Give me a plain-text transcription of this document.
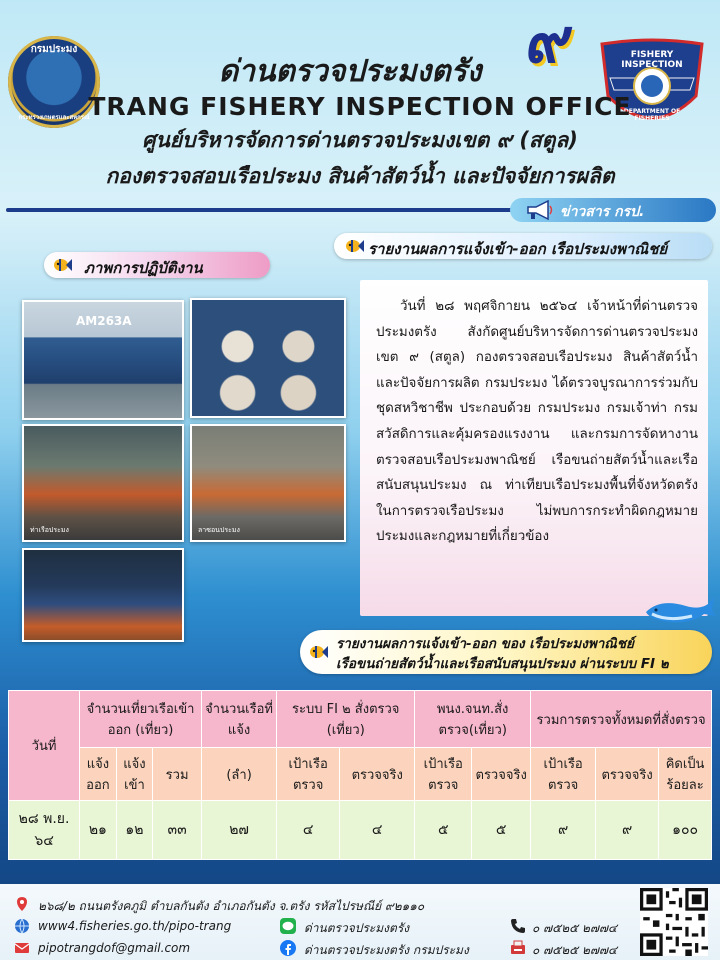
กรมประมง
กระทรวงเกษตรและสหกรณ์
๙	FISHERY INSPECTION
DEPARTMENT OF FISHERIES
ด่านตรวจประมงตรัง
TRANG FISHERY INSPECTION OFFICE
ศูนย์บริหารจัดการด่านตรวจประมงเขต ๙ (สตูล)
กองตรวจสอบเรือประมง สินค้าสัตว์น้ำ และปัจจัยการผลิต
ข่าวสาร กรป.
รายงานผลการแจ้งเข้า-ออก เรือประมงพาณิชย์
ภาพการปฏิบัติงาน
AM263A
ท่าเรือประมง	ลาซอนประมง
วันที่ ๒๘ พฤศจิกายน ๒๕๖๔ เจ้าหน้าที่ด่านตรวจประมงตรัง สังกัดศูนย์บริหารจัดการด่านตรวจประมง เขต ๙ (สตูล) กองตรวจสอบเรือประมง สินค้าสัตว์น้ำ และปัจจัยการผลิต กรมประมง ได้ตรวจบูรณาการร่วมกับชุดสหวิชาชีพ ประกอบด้วย กรมประมง กรมเจ้าท่า กรมสวัสดิการและคุ้มครองแรงงาน และกรมการจัดหางาน ตรวจสอบเรือประมงพาณิชย์ เรือขนถ่ายสัตว์น้ำและเรือสนับสนุนประมง ณ ท่าเทียบเรือประมงพื้นที่จังหวัดตรัง ในการตรวจเรือประมง ไม่พบการกระทำผิดกฎหมายประมงและกฎหมายที่เกี่ยวข้อง
รายงานผลการแจ้งเข้า-ออก ของ เรือประมงพาณิชย์
เรือขนถ่ายสัตว์น้ำและเรือสนับสนุนประมง ผ่านระบบ FI ๒
วันที่	จำนวนเที่ยวเรือเข้าออก (เที่ยว)			จำนวนเรือที่แจ้ง	ระบบ FI ๒ สั่งตรวจ (เที่ยว)		พนง.จนท.สั่งตรวจ(เที่ยว)		รวมการตรวจทั้งหมดที่สั่งตรวจ		
	แจ้งออก	แจ้งเข้า	รวม	(ลำ)	เป้าเรือตรวจ	ตรวจจริง	เป้าเรือตรวจ	ตรวจจริง	เป้าเรือตรวจ	ตรวจจริง	คิดเป็นร้อยละ
๒๘ พ.ย. ๖๔	๒๑	๑๒	๓๓	๒๗	๔	๔	๕	๕	๙	๙	๑๐๐
๒๖๘/๒ ถนนตรังคภูมิ ตำบลกันตัง อำเภอกันตัง จ.ตรัง รหัสไปรษณีย์ ๙๒๑๑๐
www4.fisheries.go.th/pipo-trang
pipotrangdof@gmail.com
ด่านตรวจประมงตรัง
ด่านตรวจประมงตรัง กรมประมง
๐ ๗๕๒๕ ๒๗๗๔
๐ ๗๕๒๕ ๒๗๗๔
